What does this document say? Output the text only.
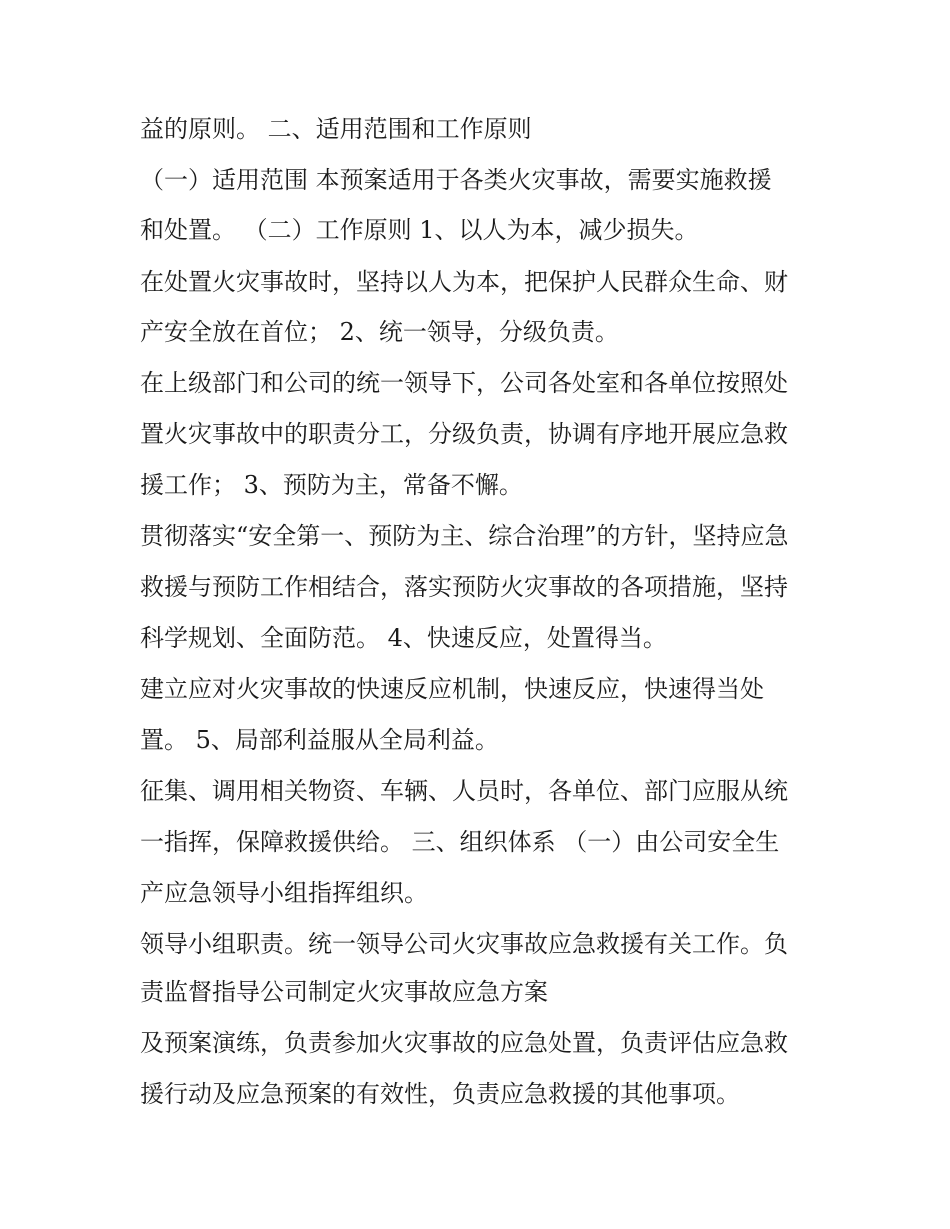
益的原则。 二、适用范围和工作原则

（一）适用范围 本预案适用于各类火灾事故，需要实施救援

和处置。 （二）工作原则 1、以人为本，减少损失。

在处置火灾事故时，坚持以人为本，把保护人民群众生命、财

产安全放在首位； 2、统一领导，分级负责。

在上级部门和公司的统一领导下，公司各处室和各单位按照处

置火灾事故中的职责分工，分级负责，协调有序地开展应急救

援工作； 3、预防为主，常备不懈。

贯彻落实“安全第一、预防为主、综合治理”的方针，坚持应急

救援与预防工作相结合，落实预防火灾事故的各项措施，坚持

科学规划、全面防范。 4、快速反应，处置得当。

建立应对火灾事故的快速反应机制，快速反应，快速得当处

置。 5、局部利益服从全局利益。

征集、调用相关物资、车辆、人员时，各单位、部门应服从统

一指挥，保障救援供给。 三、组织体系 （一）由公司安全生

产应急领导小组指挥组织。

领导小组职责。统一领导公司火灾事故应急救援有关工作。负

责监督指导公司制定火灾事故应急方案

及预案演练，负责参加火灾事故的应急处置，负责评估应急救

援行动及应急预案的有效性，负责应急救援的其他事项。
